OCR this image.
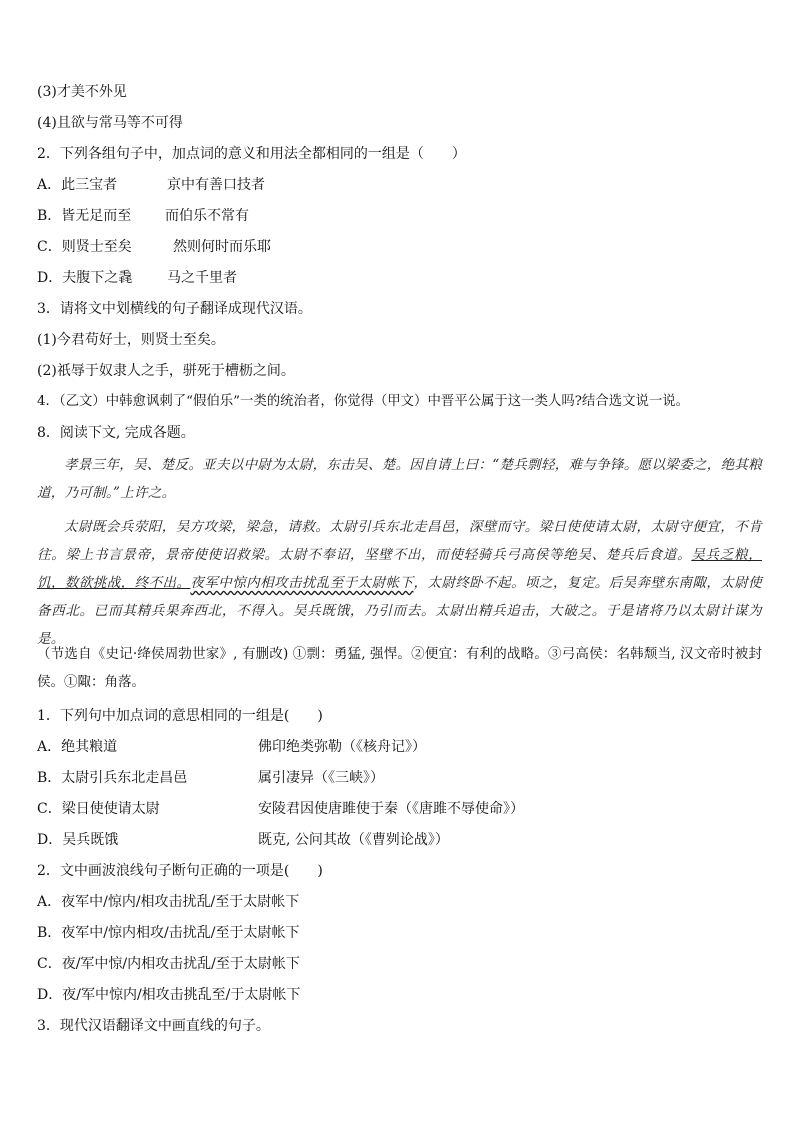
(3)才美不外见
(4)且欲与常马等不可得
2．下列各组句子中，加点词的意义和用法全都相同的一组是（　　）
A．此三宝者	京中有善口技者
B．皆无足而至 而伯乐不常有
C．则贤士至矣	然则何时而乐耶
D．夫腹下之毳 马之千里者
3．请将文中划横线的句子翻译成现代汉语。
(1)今君苟好士，则贤士至矣。
(2)祇辱于奴隶人之手，骈死于槽枥之间。
4．（乙文）中韩愈讽刺了“假伯乐”一类的统治者，你觉得（甲文）中晋平公属于这一类人吗?结合选文说一说。
8．阅读下文, 完成各题。
孝景三年，吴、楚反。亚夫以中尉为太尉，东击吴、楚。因自请上曰：“楚兵剽轻，难与争锋。愿以梁委之，绝其粮道，乃可制。”上许之。
太尉既会兵荥阳，吴方攻梁，梁急，请救。太尉引兵东北走昌邑，深壁而守。梁日使使请太尉，太尉守便宜，不肯往。梁上书言景帝，景帝使使诏救梁。太尉不奉诏，坚壁不出，而使轻骑兵弓高侯等绝吴、楚兵后食道。吴兵乏粮，饥，数欲挑战，终不出。夜军中惊内相攻击扰乱至于太尉帐下，太尉终卧不起。顷之，复定。后吴奔壁东南陬，太尉使备西北。已而其精兵果奔西北，不得入。吴兵既饿，乃引而去。太尉出精兵追击，大破之。于是诸将乃以太尉计谋为是。
（节选自《史记·绛侯周勃世家》, 有删改) ①剽：勇猛, 强悍。②便宜：有利的战略。③弓高侯：名韩颓当, 汉文帝时被封侯。①陬：角落。
1．下列句中加点词的意思相同的一组是(　　)
A．绝其粮道	佛印绝类弥勒（《核舟记》）
B．太尉引兵东北走昌邑	属引凄异（《三峡》）
C．梁日使使请太尉	安陵君因使唐雎使于秦（《唐雎不辱使命》）
D．吴兵既饿	既克, 公问其故（《曹刿论战》）
2．文中画波浪线句子断句正确的一项是(　　)
A．夜军中/惊内/相攻击扰乱/至于太尉帐下
B．夜军中/惊内相攻/击扰乱/至于太尉帐下
C．夜/军中惊/内相攻击扰乱/至于太尉帐下
D．夜/军中惊内/相攻击挑乱至/于太尉帐下
3．现代汉语翻译文中画直线的句子。
